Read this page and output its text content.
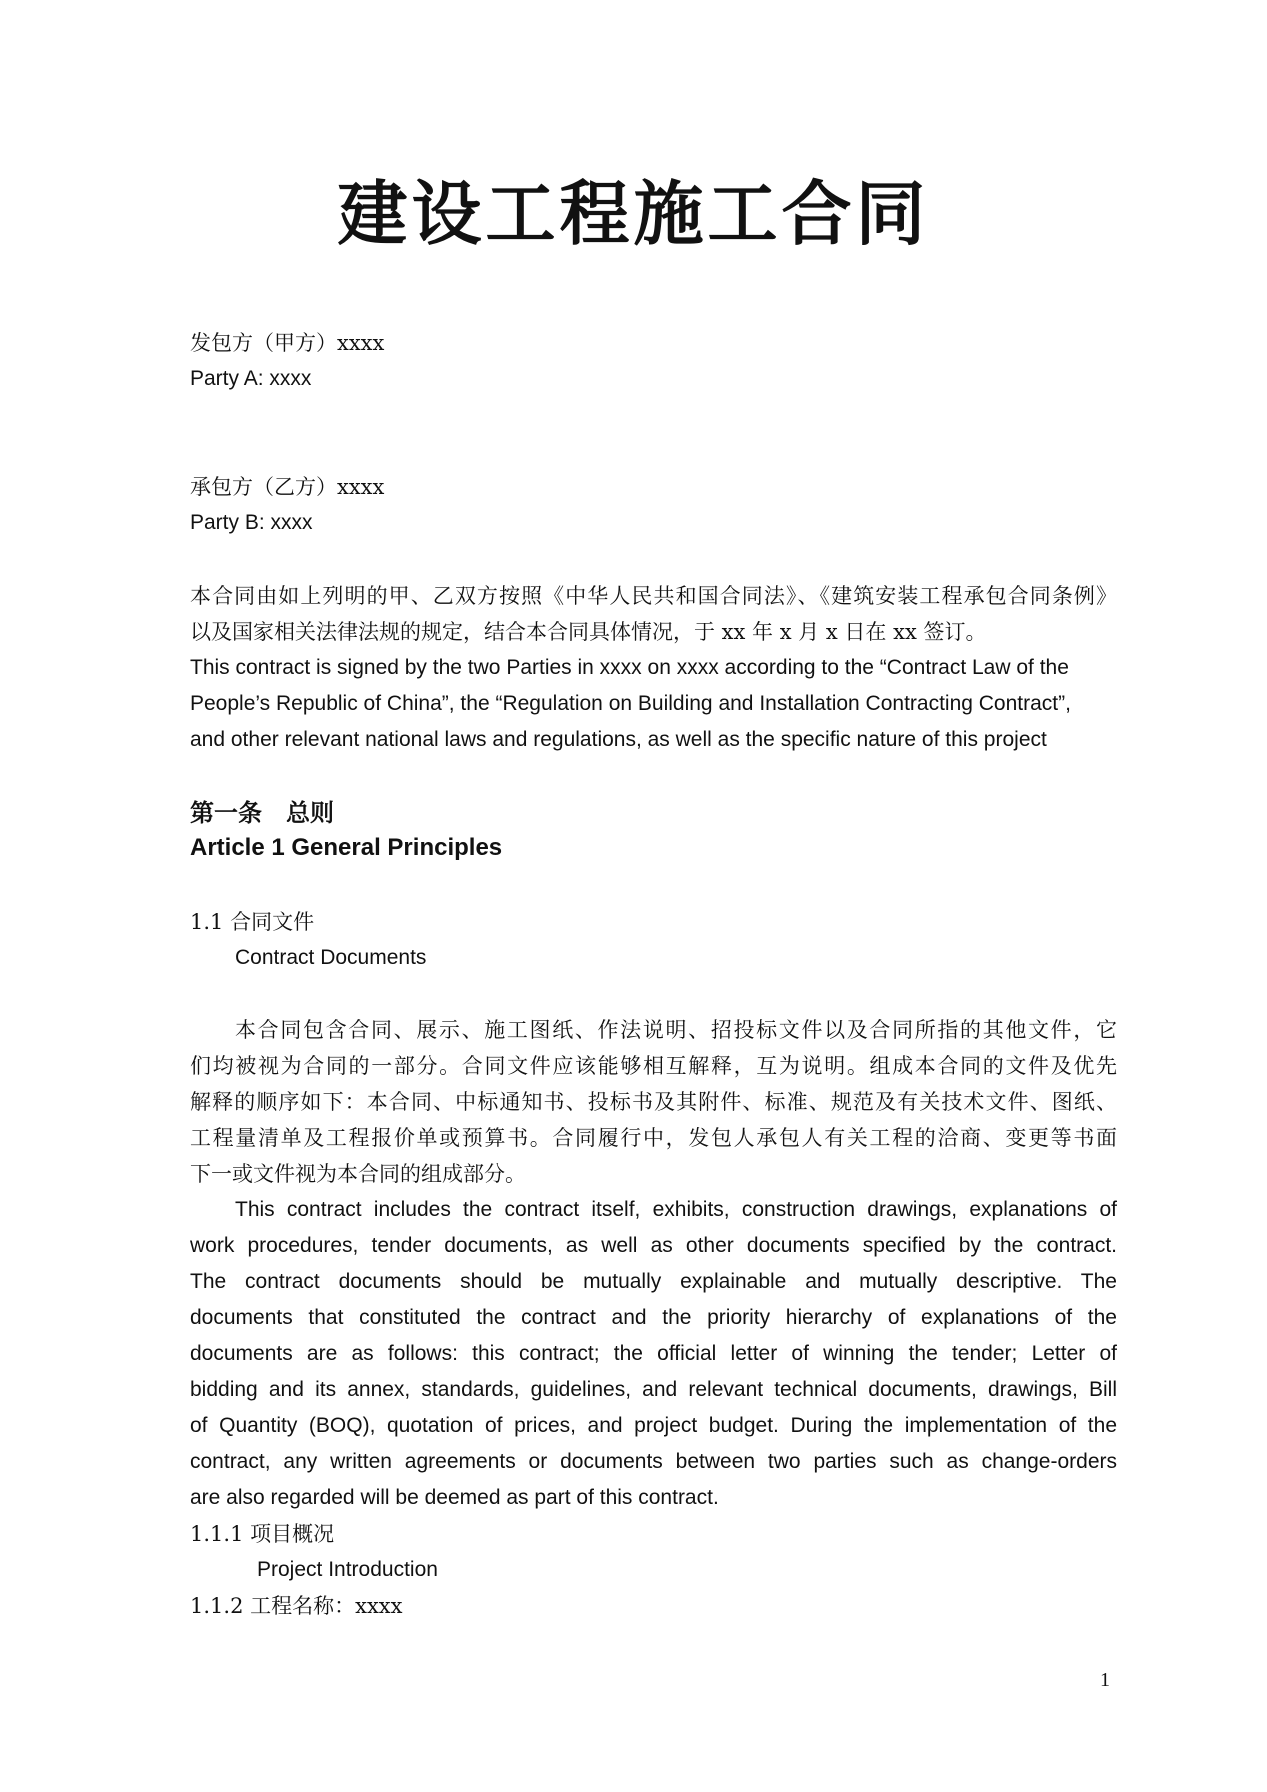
建设工程施工合同

发包方（甲方）xxxx

Party A: xxxx

承包方（乙方）xxxx

Party B: xxxx

本合同由如上列明的甲、乙双方按照《中华人民共和国合同法》、《建筑安装工程承包合同条例》
以及国家相关法律法规的规定，结合本合同具体情况，于 xx 年 x 月 x 日在 xx 签订。
This contract is signed by the two Parties in xxxx on xxxx according to the “Contract Law of the
People’s Republic of China”, the “Regulation on Building and Installation Contracting Contract”,
and other relevant national laws and regulations, as well as the specific nature of this project

第一条　总则

Article 1 General Principles

1.1 合同文件

Contract Documents

本合同包含合同、展示、施工图纸、作法说明、招投标文件以及合同所指的其他文件，它
们均被视为合同的一部分。合同文件应该能够相互解释，互为说明。组成本合同的文件及优先
解释的顺序如下：本合同、中标通知书、投标书及其附件、标准、规范及有关技术文件、图纸、
工程量清单及工程报价单或预算书。合同履行中，发包人承包人有关工程的洽商、变更等书面
下一或文件视为本合同的组成部分。
This contract includes the contract itself, exhibits, construction drawings, explanations of
work procedures, tender documents, as well as other documents specified by the contract.
The contract documents should be mutually explainable and mutually descriptive. The
documents that constituted the contract and the priority hierarchy of explanations of the
documents are as follows: this contract; the official letter of winning the tender; Letter of
bidding and its annex, standards, guidelines, and relevant technical documents, drawings, Bill
of Quantity (BOQ), quotation of prices, and project budget. During the implementation of the
contract, any written agreements or documents between two parties such as change-orders
are also regarded will be deemed as part of this contract.

1.1.1 项目概况

Project Introduction

1.1.2 工程名称：xxxx

1
